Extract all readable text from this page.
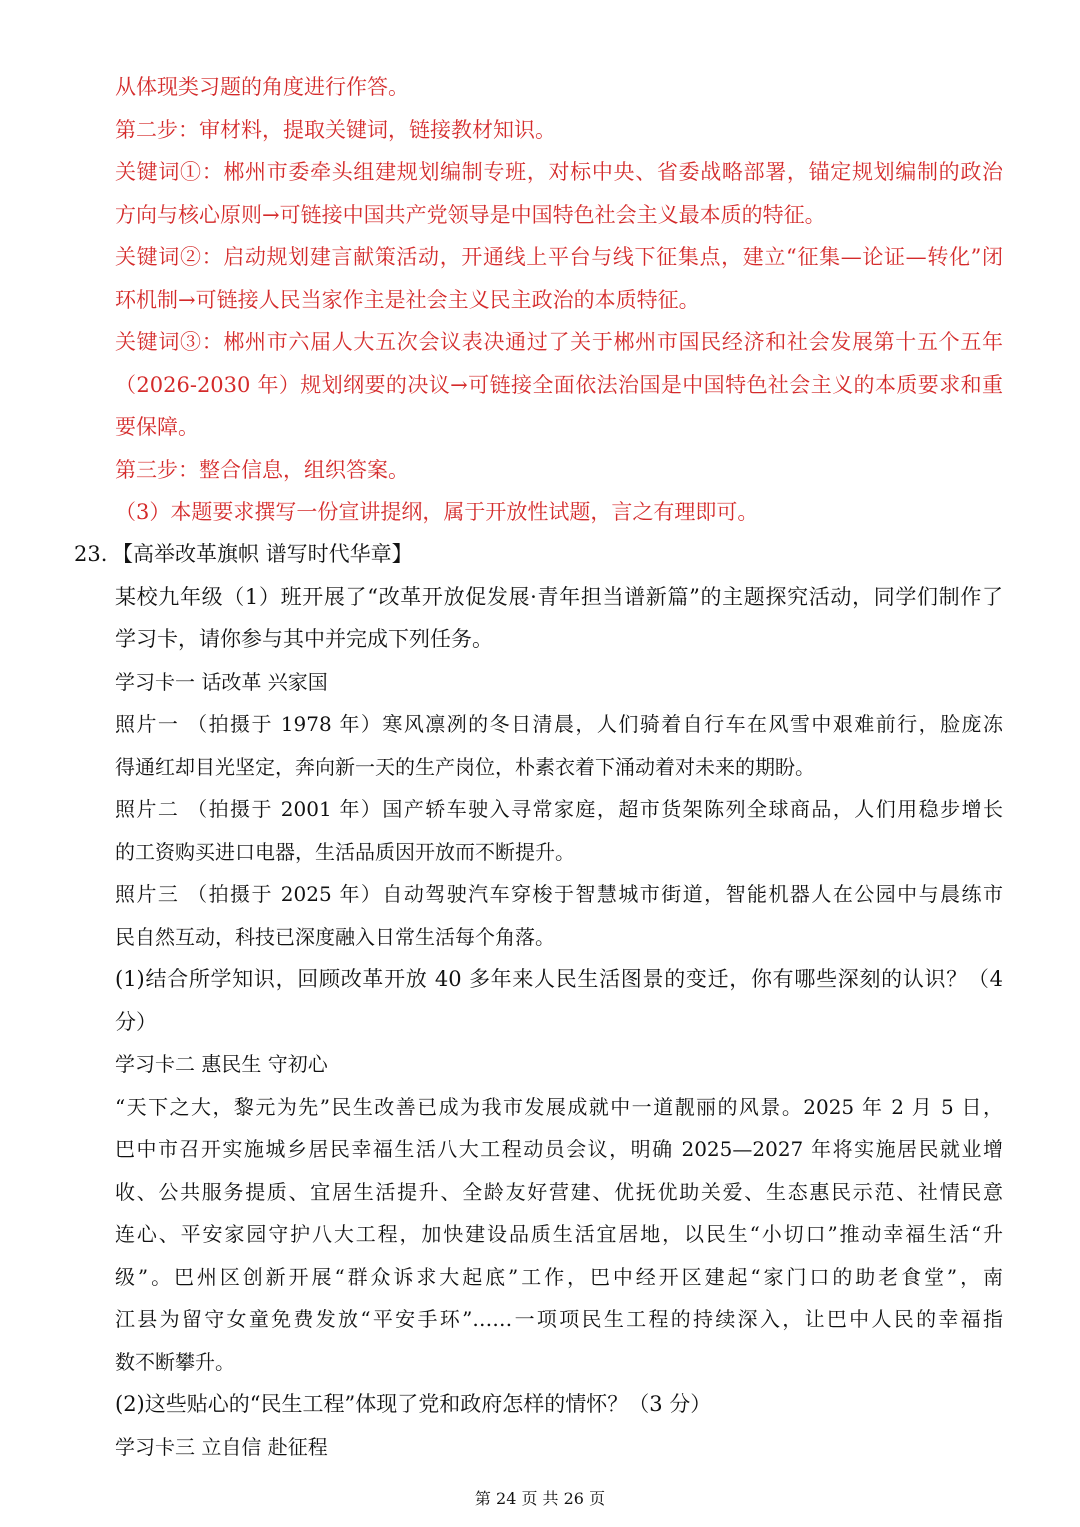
从体现类习题的角度进行作答。
第二步：审材料，提取关键词，链接教材知识。
关键词①：郴州市委牵头组建规划编制专班，对标中央、省委战略部署，锚定规划编制的政治
方向与核心原则→可链接中国共产党领导是中国特色社会主义最本质的特征。
关键词②：启动规划建言献策活动，开通线上平台与线下征集点，建立“征集—论证—转化”闭
环机制→可链接人民当家作主是社会主义民主政治的本质特征。
关键词③：郴州市六届人大五次会议表决通过了关于郴州市国民经济和社会发展第十五个五年
（2026-2030 年）规划纲要的决议→可链接全面依法治国是中国特色社会主义的本质要求和重
要保障。
第三步：整合信息，组织答案。
（3）本题要求撰写一份宣讲提纲，属于开放性试题，言之有理即可。
23. 【高举改革旗帜 谱写时代华章】
某校九年级（1）班开展了“改革开放促发展·青年担当谱新篇”的主题探究活动，同学们制作了
学习卡，请你参与其中并完成下列任务。
学习卡一 话改革 兴家国
照片一 （拍摄于 1978 年）寒风凛冽的冬日清晨，人们骑着自行车在风雪中艰难前行，脸庞冻
得通红却目光坚定，奔向新一天的生产岗位，朴素衣着下涌动着对未来的期盼。
照片二 （拍摄于 2001 年）国产轿车驶入寻常家庭，超市货架陈列全球商品，人们用稳步增长
的工资购买进口电器，生活品质因开放而不断提升。
照片三 （拍摄于 2025 年）自动驾驶汽车穿梭于智慧城市街道，智能机器人在公园中与晨练市
民自然互动，科技已深度融入日常生活每个角落。
(1)结合所学知识，回顾改革开放 40 多年来人民生活图景的变迁，你有哪些深刻的认识？（4
分）
学习卡二 惠民生 守初心
“天下之大，黎元为先”民生改善已成为我市发展成就中一道靓丽的风景。2025 年 2 月 5 日，
巴中市召开实施城乡居民幸福生活八大工程动员会议，明确 2025—2027 年将实施居民就业增
收、公共服务提质、宜居生活提升、全龄友好营建、优抚优助关爱、生态惠民示范、社情民意
连心、平安家园守护八大工程，加快建设品质生活宜居地，以民生“小切口”推动幸福生活“升
级”。巴州区创新开展“群众诉求大起底”工作，巴中经开区建起“家门口的助老食堂”，南
江县为留守女童免费发放“平安手环”……一项项民生工程的持续深入，让巴中人民的幸福指
数不断攀升。
(2)这些贴心的“民生工程”体现了党和政府怎样的情怀？（3 分）
学习卡三 立自信 赴征程
第 24 页 共 26 页
